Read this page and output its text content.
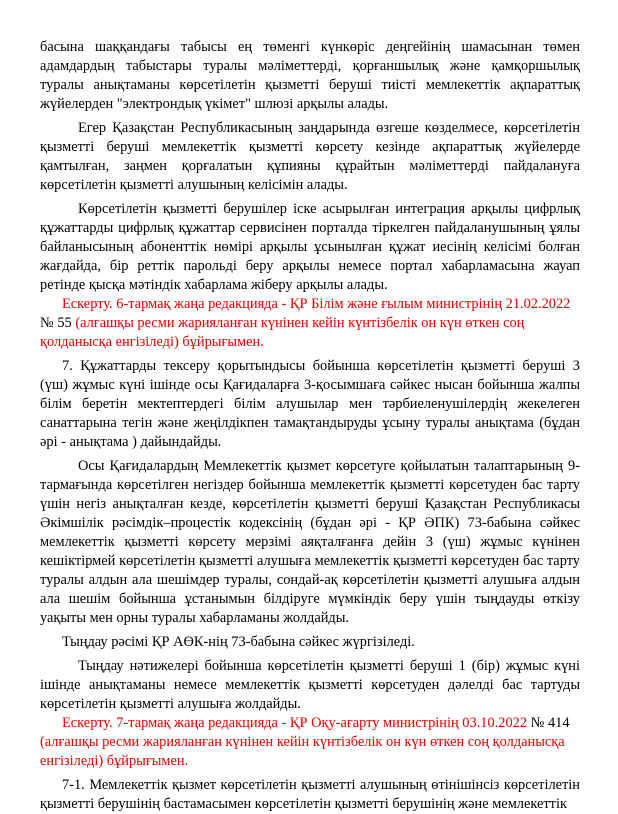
басына шаққандағы табысы ең төменгі күнкөріс деңгейінің шамасынан төмен адамдардың табыстары туралы мәліметтерді, қорғаншылық және қамқоршылық туралы анықтаманы көрсетілетін қызметті беруші тиісті мемлекеттік ақпараттық жүйелерден "электрондық үкімет" шлюзі арқылы алады.

Егер Қазақстан Республикасының заңдарында өзгеше көзделмесе, көрсетілетін қызметті беруші мемлекеттік қызметті көрсету кезінде ақпараттық жүйелерде қамтылған, заңмен қорғалатын құпияны құрайтын мәліметтерді пайдалануға көрсетілетін қызметті алушының келісімін алады.

Көрсетілетін қызметті берушілер іске асырылған интеграция арқылы цифрлық құжаттарды цифрлық құжаттар сервисінен порталда тіркелген пайдаланушының ұялы байланысының абоненттік нөмірі арқылы ұсынылған құжат иесінің келісімі болған жағдайда, бір реттік парольді беру арқылы немесе портал хабарламасына жауап ретінде қысқа мәтіндік хабарлама жіберу арқылы алады.

Ескерту. 6-тармақ жаңа редакцияда - ҚР Білім және ғылым министрінің 21.02.2022 № 55 (алғашқы ресми жарияланған күнінен кейін күнтізбелік он күн өткен соң қолданысқа енгізіледі) бұйрығымен.

7. Құжаттарды тексеру қорытындысы бойынша көрсетілетін қызметті беруші 3 (үш) жұмыс күні ішінде осы Қағидаларға 3-қосымшаға сәйкес нысан бойынша жалпы білім беретін мектептердегі білім алушылар мен тәрбиеленушілердің жекелеген санаттарына тегін және жеңілдікпен тамақтандыруды ұсыну туралы анықтама (бұдан әрі - анықтама ) дайындайды.

Осы Қағидалардың Мемлекеттік қызмет көрсетуге қойылатын талаптарының 9-тармағында көрсетілген негіздер бойынша мемлекеттік қызметті көрсетуден бас тарту үшін негіз анықталған кезде, көрсетілетін қызметті беруші Қазақстан Республикасы Әкімшілік рәсімдік–процестік кодексінің (бұдан әрі - ҚР ӘПК) 73-бабына сәйкес мемлекеттік қызметті көрсету мерзімі аяқталғанға дейін 3 (үш) жұмыс күнінен кешіктірмей көрсетілетін қызметті алушыға мемлекеттік қызметті көрсетуден бас тарту туралы алдын ала шешімдер туралы, сондай-ақ көрсетілетін қызметті алушыға алдын ала шешім бойынша ұстанымын білдіруге мүмкіндік беру үшін тыңдауды өткізу уақыты мен орны туралы хабарламаны жолдайды.

Тыңдау рәсімі ҚР АӨК-нің 73-бабына сәйкес жүргізіледі.

Тыңдау нәтижелері бойынша көрсетілетін қызметті беруші 1 (бір) жұмыс күні ішінде анықтаманы немесе мемлекеттік қызметті көрсетуден дәлелді бас тартуды көрсетілетін қызметті алушыға жолдайды.

Ескерту. 7-тармақ жаңа редакцияда - ҚР Оқу-ағарту министрінің 03.10.2022 № 414 (алғашқы ресми жарияланған күнінен кейін күнтізбелік он күн өткен соң қолданысқа енгізіледі) бұйрығымен.

7-1. Мемлекеттік қызмет көрсетілетін қызметті алушының өтінішінсіз көрсетілетін қызметті берушінің бастамасымен көрсетілетін қызметті берушінің және мемлекеттік
